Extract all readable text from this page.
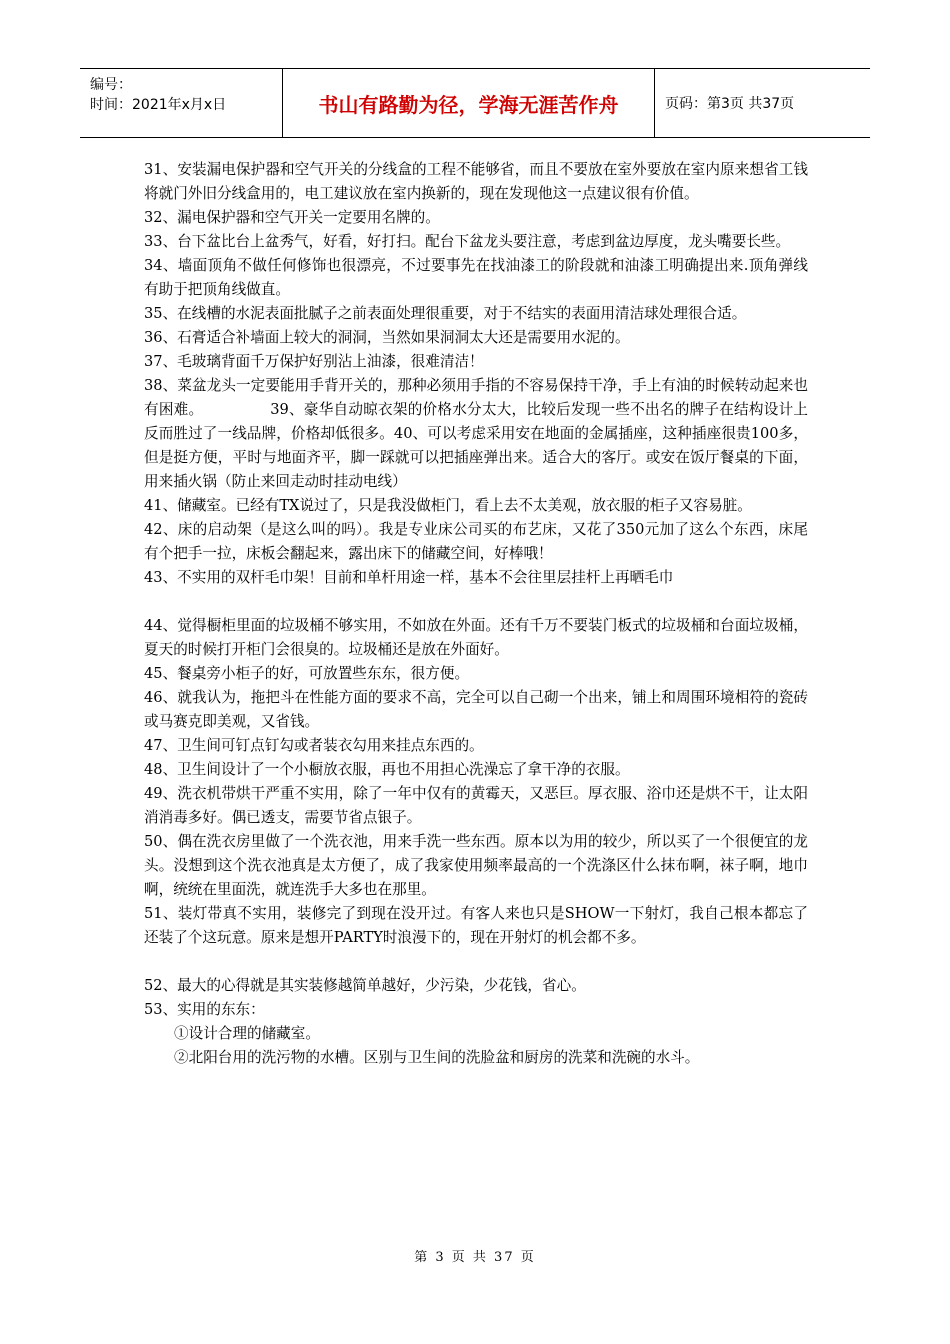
编号：
时间：2021年x月x日	书山有路勤为径，学海无涯苦作舟	页码：第3页 共37页

31、安装漏电保护器和空气开关的分线盒的工程不能够省，而且不要放在室外要放在室内原来想省工钱将就门外旧分线盒用的，电工建议放在室内换新的，现在发现他这一点建议很有价值。

32、漏电保护器和空气开关一定要用名牌的。

33、台下盆比台上盆秀气，好看，好打扫。配台下盆龙头要注意，考虑到盆边厚度，龙头嘴要长些。

34、墙面顶角不做任何修饰也很漂亮，不过要事先在找油漆工的阶段就和油漆工明确提出来.顶角弹线有助于把顶角线做直。

35、在线槽的水泥表面批腻子之前表面处理很重要，对于不结实的表面用清洁球处理很合适。

36、石膏适合补墙面上较大的洞洞，当然如果洞洞太大还是需要用水泥的。

37、毛玻璃背面千万保护好别沾上油漆，很难清洁！

38、菜盆龙头一定要能用手背开关的，那种必须用手指的不容易保持干净，手上有油的时候转动起来也有困难。　　　　　39、豪华自动晾衣架的价格水分太大，比较后发现一些不出名的牌子在结构设计上反而胜过了一线品牌，价格却低很多。40、可以考虑采用安在地面的金属插座，这种插座很贵100多，但是挺方便，平时与地面齐平，脚一踩就可以把插座弹出来。适合大的客厅。或安在饭厅餐桌的下面，用来插火锅（防止来回走动时挂动电线）

41、储藏室。已经有TX说过了，只是我没做柜门，看上去不太美观，放衣服的柜子又容易脏。

42、床的启动架（是这么叫的吗）。我是专业床公司买的布艺床，又花了350元加了这么个东西，床尾有个把手一拉，床板会翻起来，露出床下的储藏空间，好棒哦！

43、不实用的双杆毛巾架！目前和单杆用途一样，基本不会往里层挂杆上再晒毛巾

44、觉得橱柜里面的垃圾桶不够实用，不如放在外面。还有千万不要装门板式的垃圾桶和台面垃圾桶，夏天的时候打开柜门会很臭的。垃圾桶还是放在外面好。

45、餐桌旁小柜子的好，可放置些东东，很方便。

46、就我认为，拖把斗在性能方面的要求不高，完全可以自己砌一个出来，铺上和周围环境相符的瓷砖或马赛克即美观，又省钱。

47、卫生间可钉点钉勾或者装衣勾用来挂点东西的。

48、卫生间设计了一个小橱放衣服，再也不用担心洗澡忘了拿干净的衣服。

49、洗衣机带烘干严重不实用，除了一年中仅有的黄霉天，又恶巨。厚衣服、浴巾还是烘不干，让太阳消消毒多好。偶已透支，需要节省点银子。

50、偶在洗衣房里做了一个洗衣池，用来手洗一些东西。原本以为用的较少，所以买了一个很便宜的龙头。没想到这个洗衣池真是太方便了，成了我家使用频率最高的一个洗涤区什么抹布啊，袜子啊，地巾啊，统统在里面洗，就连洗手大多也在那里。

51、装灯带真不实用，装修完了到现在没开过。有客人来也只是SHOW一下射灯，我自己根本都忘了还装了个这玩意。原来是想开PARTY时浪漫下的，现在开射灯的机会都不多。

52、最大的心得就是其实装修越简单越好，少污染，少花钱，省心。

53、实用的东东：

①设计合理的储藏室。

②北阳台用的洗污物的水槽。区别与卫生间的洗脸盆和厨房的洗菜和洗碗的水斗。

第 3 页 共 37 页
